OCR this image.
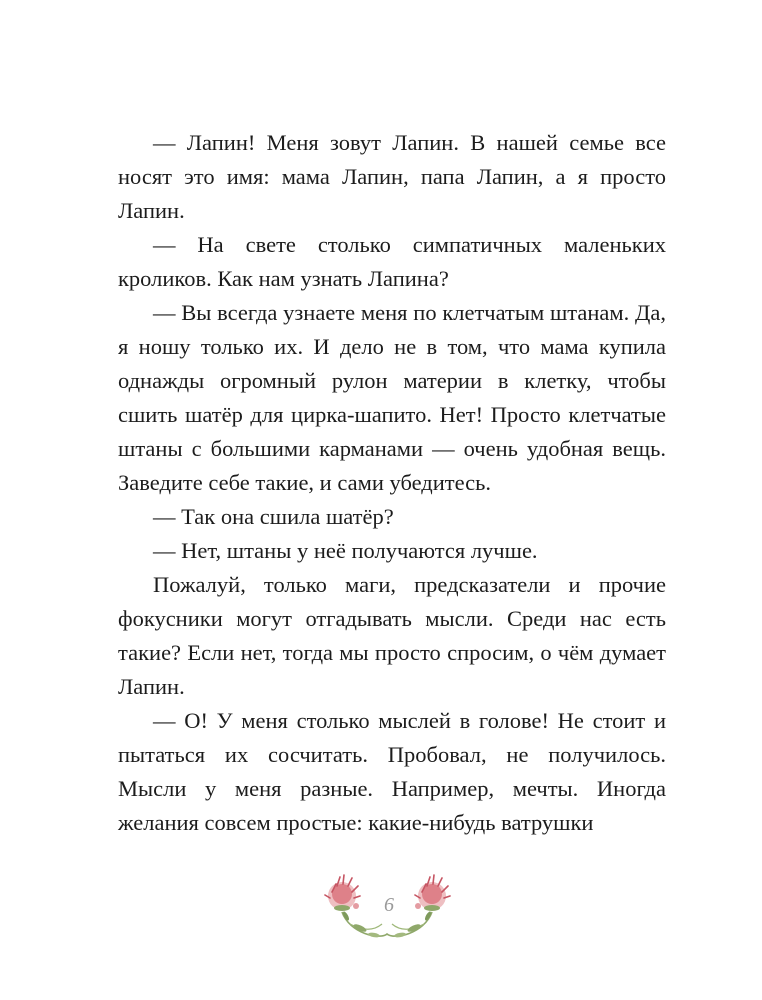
— Лапин! Меня зовут Лапин. В нашей семье все носят это имя: мама Лапин, папа Лапин, а я просто Лапин.

— На свете столько симпатичных маленьких кроликов. Как нам узнать Лапина?

— Вы всегда узнаете меня по клетчатым штанам. Да, я ношу только их. И дело не в том, что мама купила однажды огромный рулон материи в клетку, чтобы сшить шатёр для цирка-шапито. Нет! Просто клетчатые штаны с большими карманами — очень удобная вещь. Заведите себе такие, и сами убедитесь.

— Так она сшила шатёр?

— Нет, штаны у неё получаются лучше.

Пожалуй, только маги, предсказатели и прочие фокусники могут отгадывать мысли. Среди нас есть такие? Если нет, тогда мы просто спросим, о чём думает Лапин.

— О! У меня столько мыслей в голове! Не стоит и пытаться их сосчитать. Пробовал, не получилось. Мысли у меня разные. Например, мечты. Иногда желания совсем простые: какие-нибудь ватрушки

6
